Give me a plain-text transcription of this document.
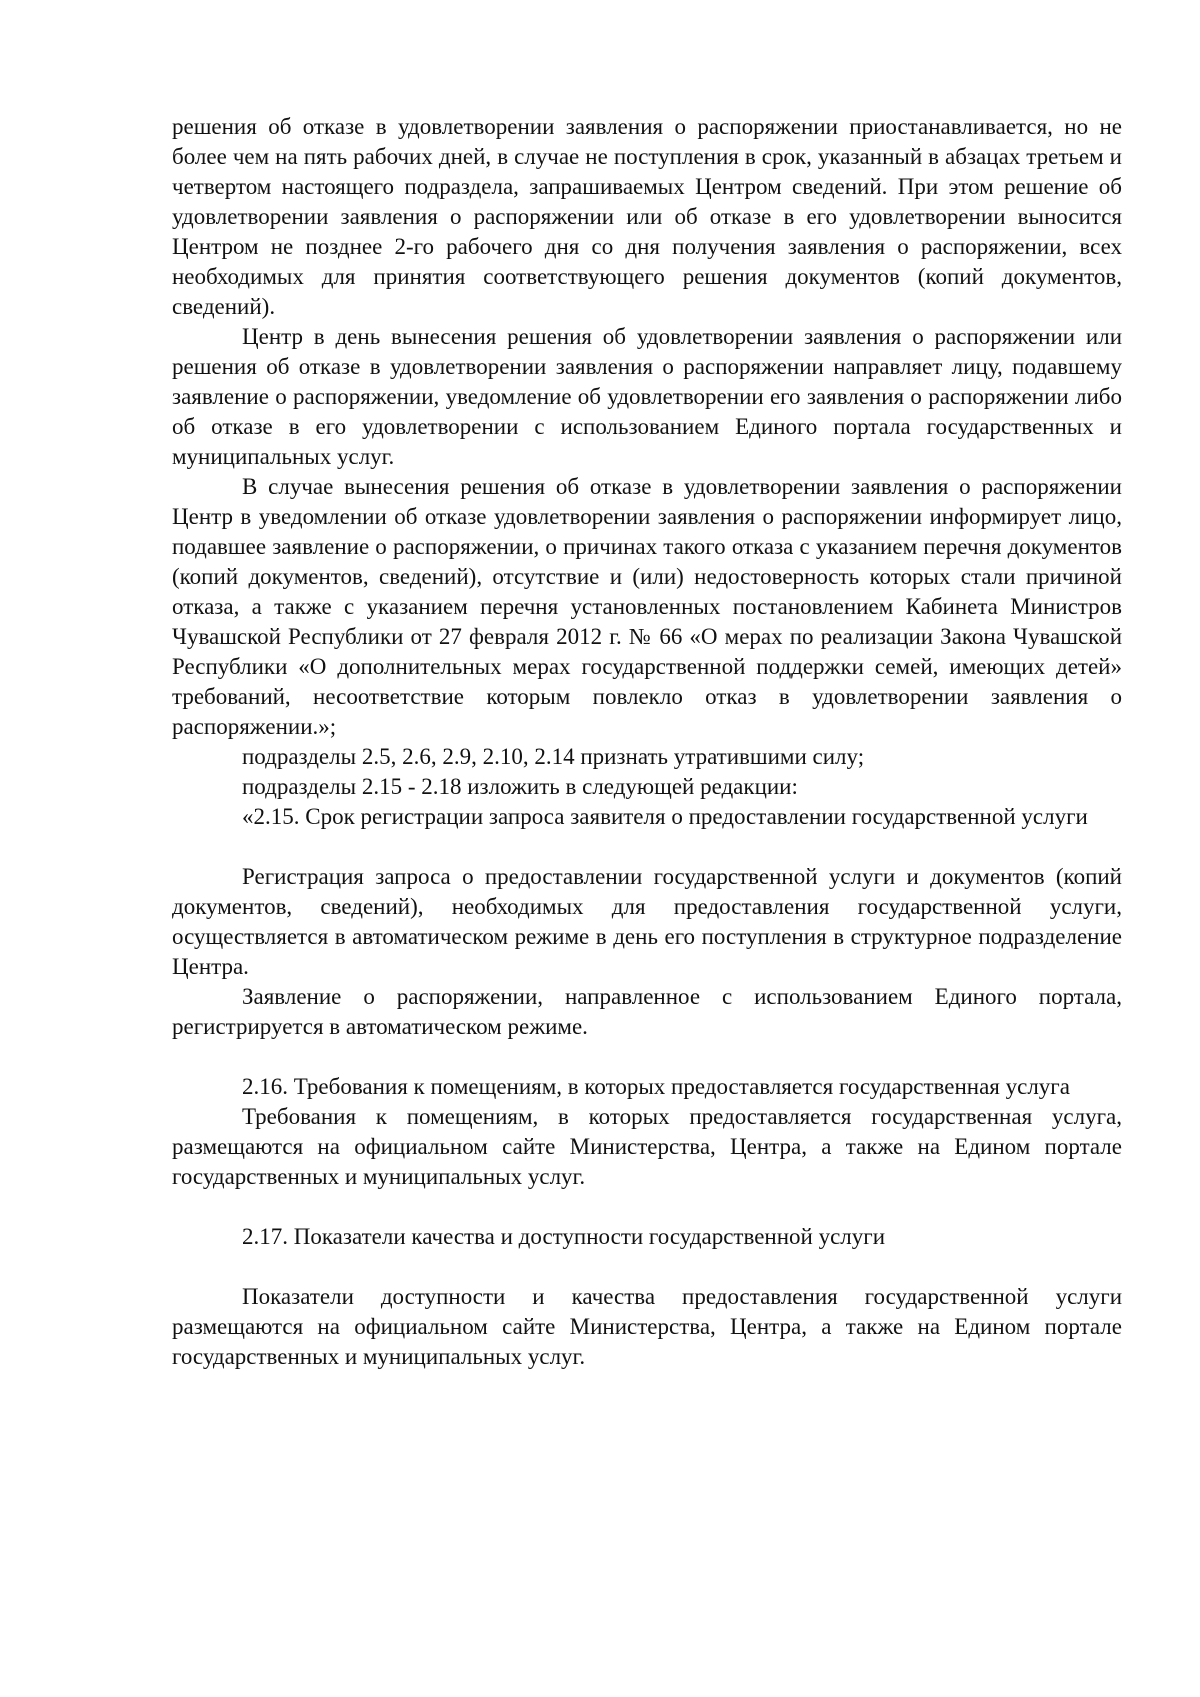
решения об отказе в удовлетворении заявления о распоряжении приостанавливается, но не более чем на пять рабочих дней, в случае не поступления в срок, указанный в абзацах третьем и четвертом настоящего подраздела, запрашиваемых Центром сведений. При этом решение об удовлетворении заявления о распоряжении или об отказе в его удовлетворении выносится Центром не позднее 2-го рабочего дня со дня получения заявления о распоряжении, всех необходимых для принятия соответствующего решения документов (копий документов, сведений).

Центр в день вынесения решения об удовлетворении заявления о распоряжении или решения об отказе в удовлетворении заявления о распоряжении направляет лицу, подавшему заявление о распоряжении, уведомление об удовлетворении его заявления о распоряжении либо об отказе в его удовлетворении с использованием Единого портала государственных и муниципальных услуг.

В случае вынесения решения об отказе в удовлетворении заявления о распоряжении Центр в уведомлении об отказе удовлетворении заявления о распоряжении информирует лицо, подавшее заявление о распоряжении, о причинах такого отказа с указанием перечня документов (копий документов, сведений), отсутствие и (или) недостоверность которых стали причиной отказа, а также с указанием перечня установленных постановлением Кабинета Министров Чувашской Республики от 27 февраля 2012 г. № 66 «О мерах по реализации Закона Чувашской Республики «О дополнительных мерах государственной поддержки семей, имеющих детей» требований, несоответствие которым повлекло отказ в удовлетворении заявления о распоряжении.»;

подразделы 2.5, 2.6, 2.9, 2.10, 2.14 признать утратившими силу;

подразделы 2.15 - 2.18 изложить в следующей редакции:

«2.15. Срок регистрации запроса заявителя о предоставлении государственной услуги

Регистрация запроса о предоставлении государственной услуги и документов (копий документов, сведений), необходимых для предоставления государственной услуги, осуществляется в автоматическом режиме в день его поступления в структурное подразделение Центра.

Заявление о распоряжении, направленное с использованием Единого портала, регистрируется в автоматическом режиме.

2.16. Требования к помещениям, в которых предоставляется государственная услуга

Требования к помещениям, в которых предоставляется государственная услуга, размещаются на официальном сайте Министерства, Центра, а также на Едином портале государственных и муниципальных услуг.

2.17. Показатели качества и доступности государственной услуги

Показатели доступности и качества предоставления государственной услуги размещаются на официальном сайте Министерства, Центра, а также на Едином портале государственных и муниципальных услуг.
